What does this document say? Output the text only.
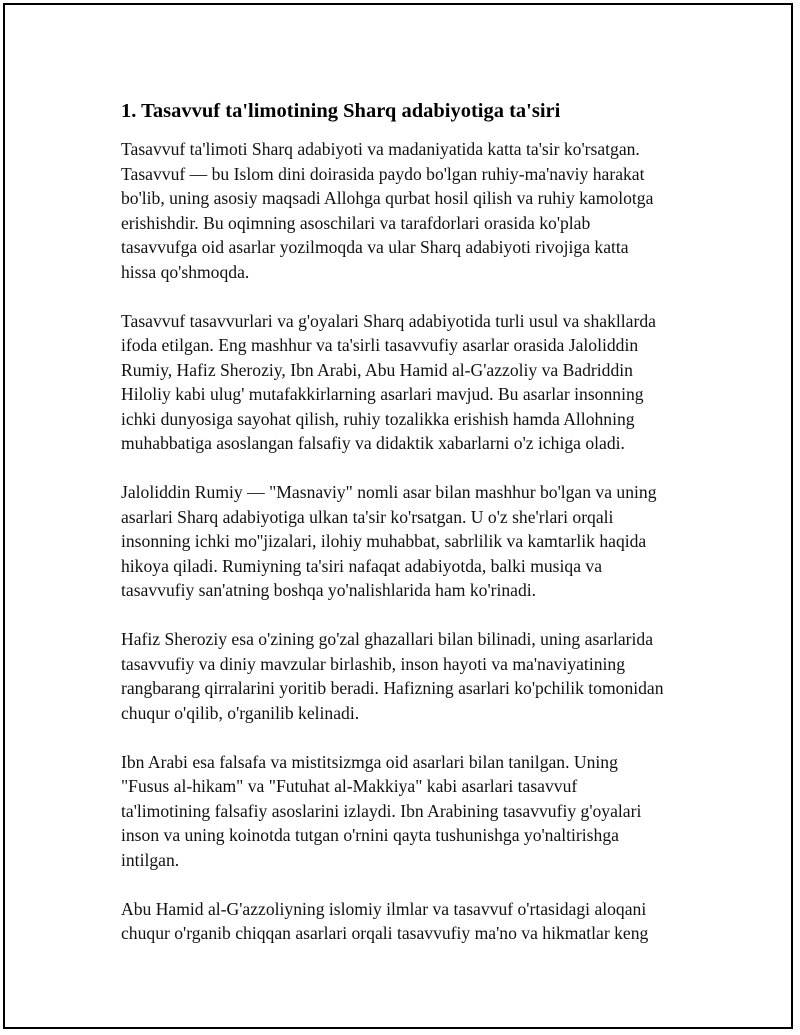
1. Tasavvuf ta'limotining Sharq adabiyotiga ta'siri

Tasavvuf ta'limoti Sharq adabiyoti va madaniyatida katta ta'sir ko'rsatgan.
Tasavvuf — bu Islom dini doirasida paydo bo'lgan ruhiy-ma'naviy harakat
bo'lib, uning asosiy maqsadi Allohga qurbat hosil qilish va ruhiy kamolotga
erishishdir. Bu oqimning asoschilari va tarafdorlari orasida ko'plab
tasavvufga oid asarlar yozilmoqda va ular Sharq adabiyoti rivojiga katta
hissa qo'shmoqda.

Tasavvuf tasavvurlari va g'oyalari Sharq adabiyotida turli usul va shakllarda
ifoda etilgan. Eng mashhur va ta'sirli tasavvufiy asarlar orasida Jaloliddin
Rumiy, Hafiz Sheroziy, Ibn Arabi, Abu Hamid al-G'azzoliy va Badriddin
Hiloliy kabi ulug' mutafakkirlarning asarlari mavjud. Bu asarlar insonning
ichki dunyosiga sayohat qilish, ruhiy tozalikka erishish hamda Allohning
muhabbatiga asoslangan falsafiy va didaktik xabarlarni o'z ichiga oladi.

Jaloliddin Rumiy — "Masnaviy" nomli asar bilan mashhur bo'lgan va uning
asarlari Sharq adabiyotiga ulkan ta'sir ko'rsatgan. U o'z she'rlari orqali
insonning ichki mo''jizalari, ilohiy muhabbat, sabrlilik va kamtarlik haqida
hikoya qiladi. Rumiyning ta'siri nafaqat adabiyotda, balki musiqa va
tasavvufiy san'atning boshqa yo'nalishlarida ham ko'rinadi.

Hafiz Sheroziy esa o'zining go'zal ghazallari bilan bilinadi, uning asarlarida
tasavvufiy va diniy mavzular birlashib, inson hayoti va ma'naviyatining
rangbarang qirralarini yoritib beradi. Hafizning asarlari ko'pchilik tomonidan
chuqur o'qilib, o'rganilib kelinadi.

Ibn Arabi esa falsafa va mistitsizmga oid asarlari bilan tanilgan. Uning
"Fusus al-hikam" va "Futuhat al-Makkiya" kabi asarlari tasavvuf
ta'limotining falsafiy asoslarini izlaydi. Ibn Arabining tasavvufiy g'oyalari
inson va uning koinotda tutgan o'rnini qayta tushunishga yo'naltirishga
intilgan.

Abu Hamid al-G'azzoliyning islomiy ilmlar va tasavvuf o'rtasidagi aloqani
chuqur o'rganib chiqqan asarlari orqali tasavvufiy ma'no va hikmatlar keng
